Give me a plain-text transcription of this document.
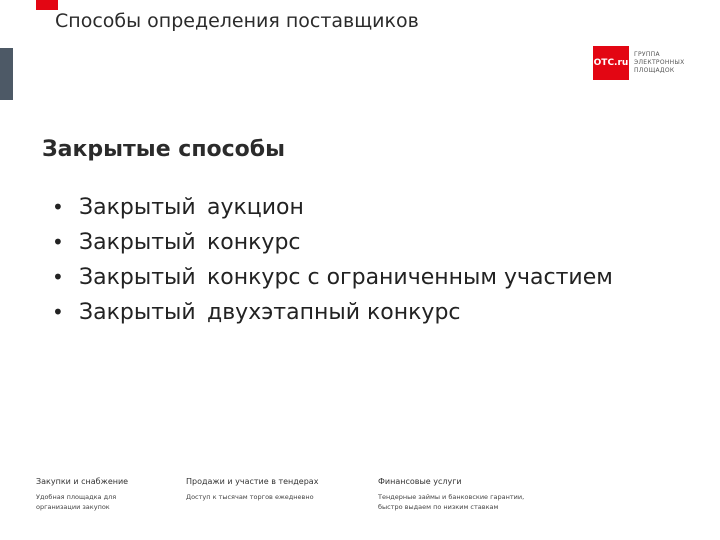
Способы определения поставщиков
OTC.ru
ГРУППА
ЭЛЕКТРОННЫХ
ПЛОЩАДОК
Закрытые способы
• Закрытый аукцион
• Закрытый конкурс
• Закрытый конкурс с ограниченным участием
• Закрытый двухэтапный конкурс
Закупки и снабжение
Удобная площадка для
организации закупок
Продажи и участие в тендерах
Доступ к тысячам торгов ежедневно
Финансовые услуги
Тендерные займы и банковские гарантии,
быстро выдаем по низким ставкам
